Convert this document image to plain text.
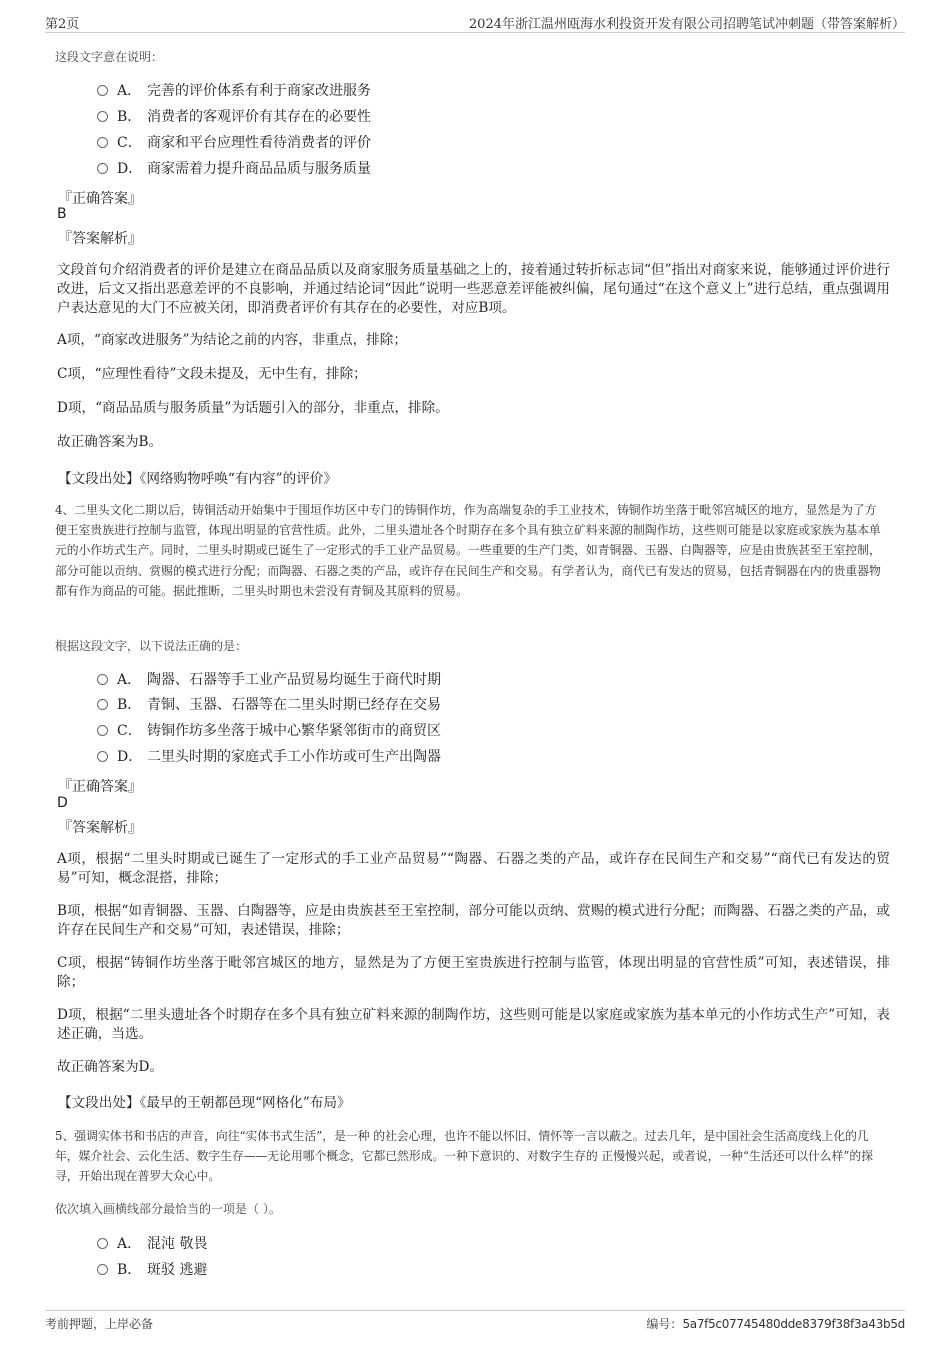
第2页	2024年浙江温州瓯海水利投资开发有限公司招聘笔试冲刺题（带答案解析）
这段文字意在说明：
A． 完善的评价体系有利于商家改进服务
B． 消费者的客观评价有其存在的必要性
C． 商家和平台应理性看待消费者的评价
D． 商家需着力提升商品品质与服务质量
『正确答案』
B
『答案解析』
文段首句介绍消费者的评价是建立在商品品质以及商家服务质量基础之上的，接着通过转折标志词“但”指出对商家来说，能够通过评价进行改进，后文又指出恶意差评的不良影响，并通过结论词“因此”说明一些恶意差评能被纠偏，尾句通过“在这个意义上”进行总结，重点强调用户表达意见的大门不应被关闭，即消费者评价有其存在的必要性，对应B项。
A项，“商家改进服务”为结论之前的内容，非重点，排除；
C项，“应理性看待”文段未提及，无中生有，排除；
D项，“商品品质与服务质量”为话题引入的部分，非重点，排除。
故正确答案为B。
【文段出处】《网络购物呼唤“有内容”的评价》
4、二里头文化二期以后，铸铜活动开始集中于围垣作坊区中专门的铸铜作坊，作为高端复杂的手工业技术，铸铜作坊坐落于毗邻宫城区的地方，显然是为了方便王室贵族进行控制与监管，体现出明显的官营性质。此外，二里头遗址各个时期存在多个具有独立矿料来源的制陶作坊，这些则可能是以家庭或家族为基本单元的小作坊式生产。同时，二里头时期或已诞生了一定形式的手工业产品贸易。一些重要的生产门类，如青铜器、玉器、白陶器等，应是由贵族甚至王室控制，部分可能以贡纳、赏赐的模式进行分配；而陶器、石器之类的产品，或许存在民间生产和交易。有学者认为，商代已有发达的贸易，包括青铜器在内的贵重器物都有作为商品的可能。据此推断，二里头时期也未尝没有青铜及其原料的贸易。
根据这段文字，以下说法正确的是：
A． 陶器、石器等手工业产品贸易均诞生于商代时期
B． 青铜、玉器、石器等在二里头时期已经存在交易
C． 铸铜作坊多坐落于城中心繁华紧邻街市的商贸区
D． 二里头时期的家庭式手工小作坊或可生产出陶器
『正确答案』
D
『答案解析』
A项，根据“二里头时期或已诞生了一定形式的手工业产品贸易”“陶器、石器之类的产品，或许存在民间生产和交易”“商代已有发达的贸易”可知，概念混搭，排除；
B项，根据“如青铜器、玉器、白陶器等，应是由贵族甚至王室控制，部分可能以贡纳、赏赐的模式进行分配；而陶器、石器之类的产品，或许存在民间生产和交易”可知，表述错误，排除；
C项，根据“铸铜作坊坐落于毗邻宫城区的地方，显然是为了方便王室贵族进行控制与监管，体现出明显的官营性质”可知，表述错误，排除；
D项，根据“二里头遗址各个时期存在多个具有独立矿料来源的制陶作坊，这些则可能是以家庭或家族为基本单元的小作坊式生产”可知，表述正确，当选。
故正确答案为D。
【文段出处】《最早的王朝都邑现“网格化”布局》
5、强调实体书和书店的声音，向往“实体书式生活”，是一种 的社会心理，也许不能以怀旧、情怀等一言以蔽之。过去几年，是中国社会生活高度线上化的几年，媒介社会、云化生活、数字生存——无论用哪个概念，它都已然形成。一种下意识的、对数字生存的 正慢慢兴起，或者说，一种“生活还可以什么样”的探寻，开始出现在普罗大众心中。
依次填入画横线部分最恰当的一项是（ ）。
A． 混沌 敬畏
B． 斑驳 逃避
考前押题，上岸必备	编号：5a7f5c07745480dde8379f38f3a43b5d
